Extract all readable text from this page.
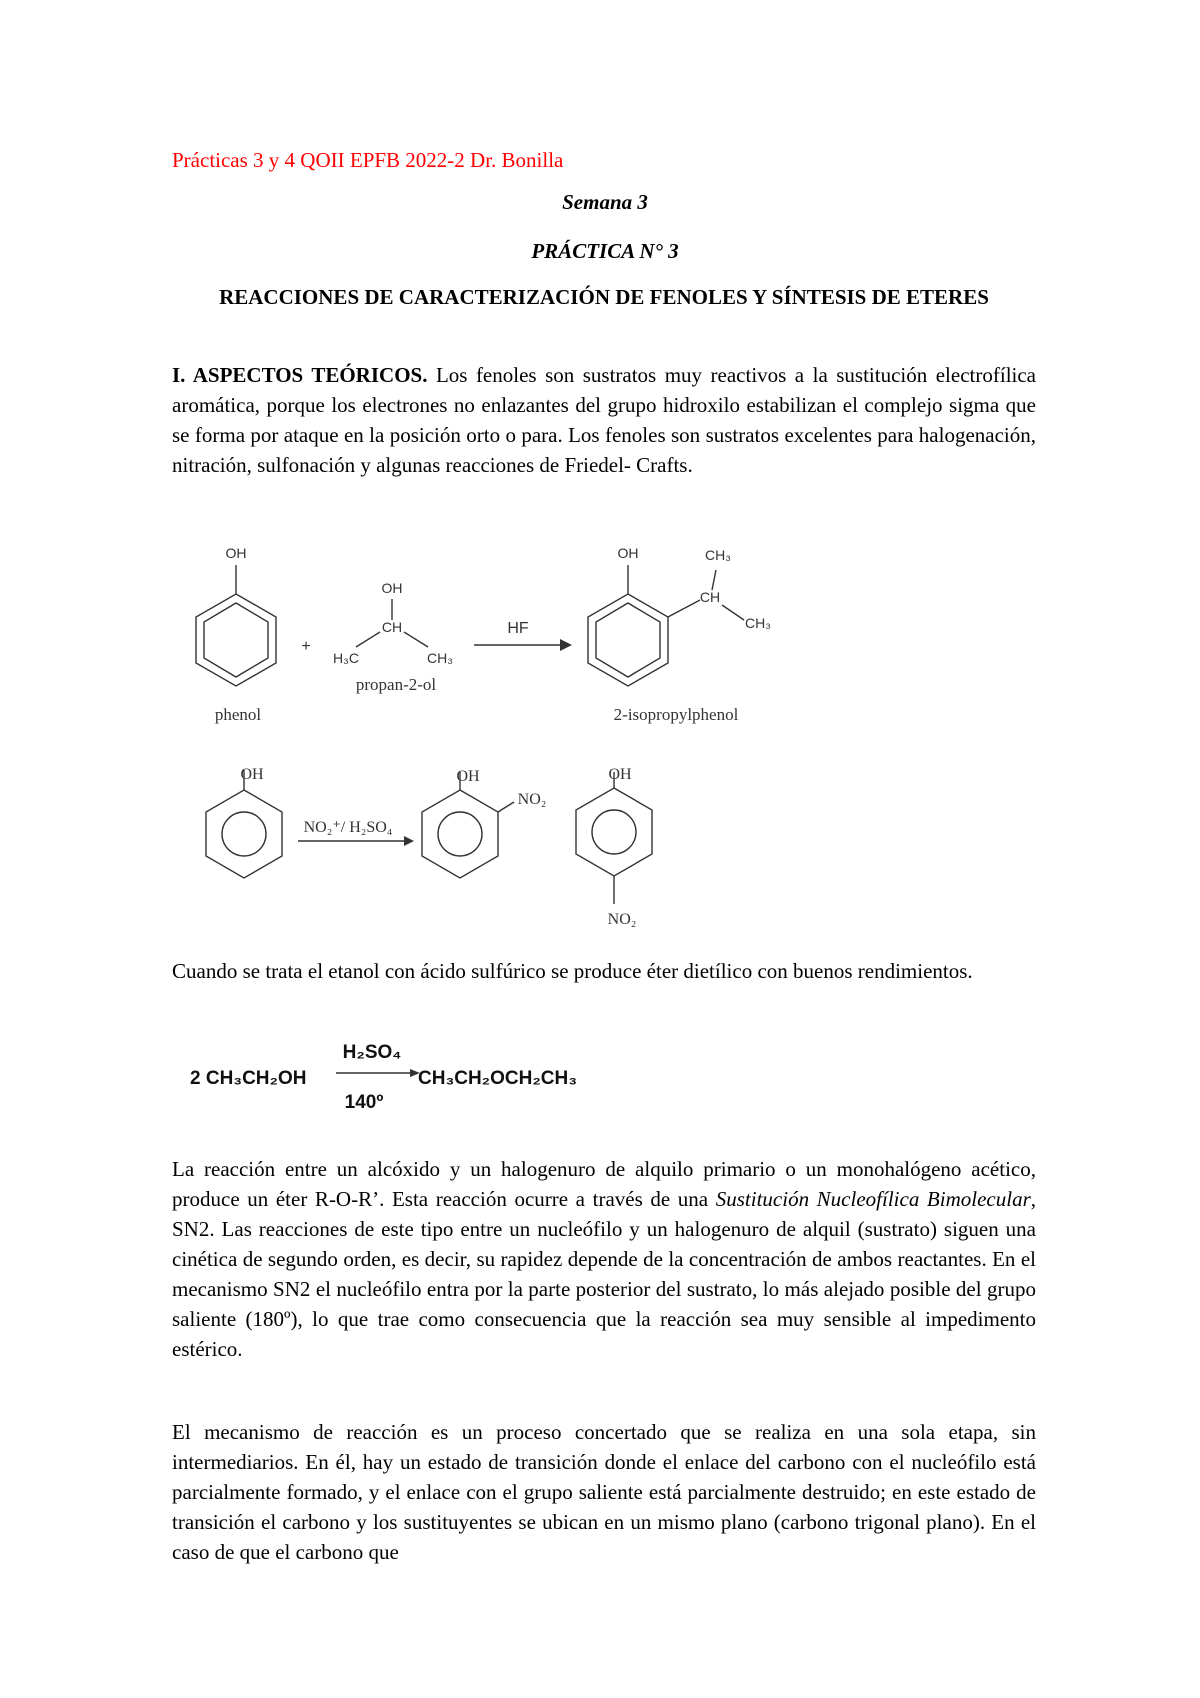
Prácticas 3 y 4 QOII EPFB 2022-2 Dr. Bonilla

Semana 3

PRÁCTICA N° 3

REACCIONES DE CARACTERIZACIÓN DE FENOLES Y SÍNTESIS DE ETERES

I. ASPECTOS TEÓRICOS. Los fenoles son sustratos muy reactivos a la sustitución electrofílica aromática, porque los electrones no enlazantes del grupo hidroxilo estabilizan el complejo sigma que se forma por ataque en la posición orto o para. Los fenoles son sustratos excelentes para halogenación, nitración, sulfonación y algunas reacciones de Friedel- Crafts.

OH
+
OH
CH
H₃C	CH₃
HF
OH	CH₃
CH
CH₃
phenol
propan-2-ol
2-isopropylphenol
OH
NO₂⁺/ H₂SO₄
OH
NO₂
OH
NO₂
2 CH₃CH₂OH
H₂SO₄
140º
CH₃CH₂OCH₂CH₃

Cuando se trata el etanol con ácido sulfúrico se produce éter dietílico con buenos rendimientos.

La reacción entre un alcóxido y un halogenuro de alquilo primario o un monohalógeno acético, produce un éter R-O-R’. Esta reacción ocurre a través de una Sustitución Nucleofílica Bimolecular, SN2. Las reacciones de este tipo entre un nucleófilo y un halogenuro de alquil (sustrato) siguen una cinética de segundo orden, es decir, su rapidez depende de la concentración de ambos reactantes. En el mecanismo SN2 el nucleófilo entra por la parte posterior del sustrato, lo más alejado posible del grupo saliente (180º), lo que trae como consecuencia que la reacción sea muy sensible al impedimento estérico.

El mecanismo de reacción es un proceso concertado que se realiza en una sola etapa, sin intermediarios. En él, hay un estado de transición donde el enlace del carbono con el nucleófilo está parcialmente formado, y el enlace con el grupo saliente está parcialmente destruido; en este estado de transición el carbono y los sustituyentes se ubican en un mismo plano (carbono trigonal plano). En el caso de que el carbono que
